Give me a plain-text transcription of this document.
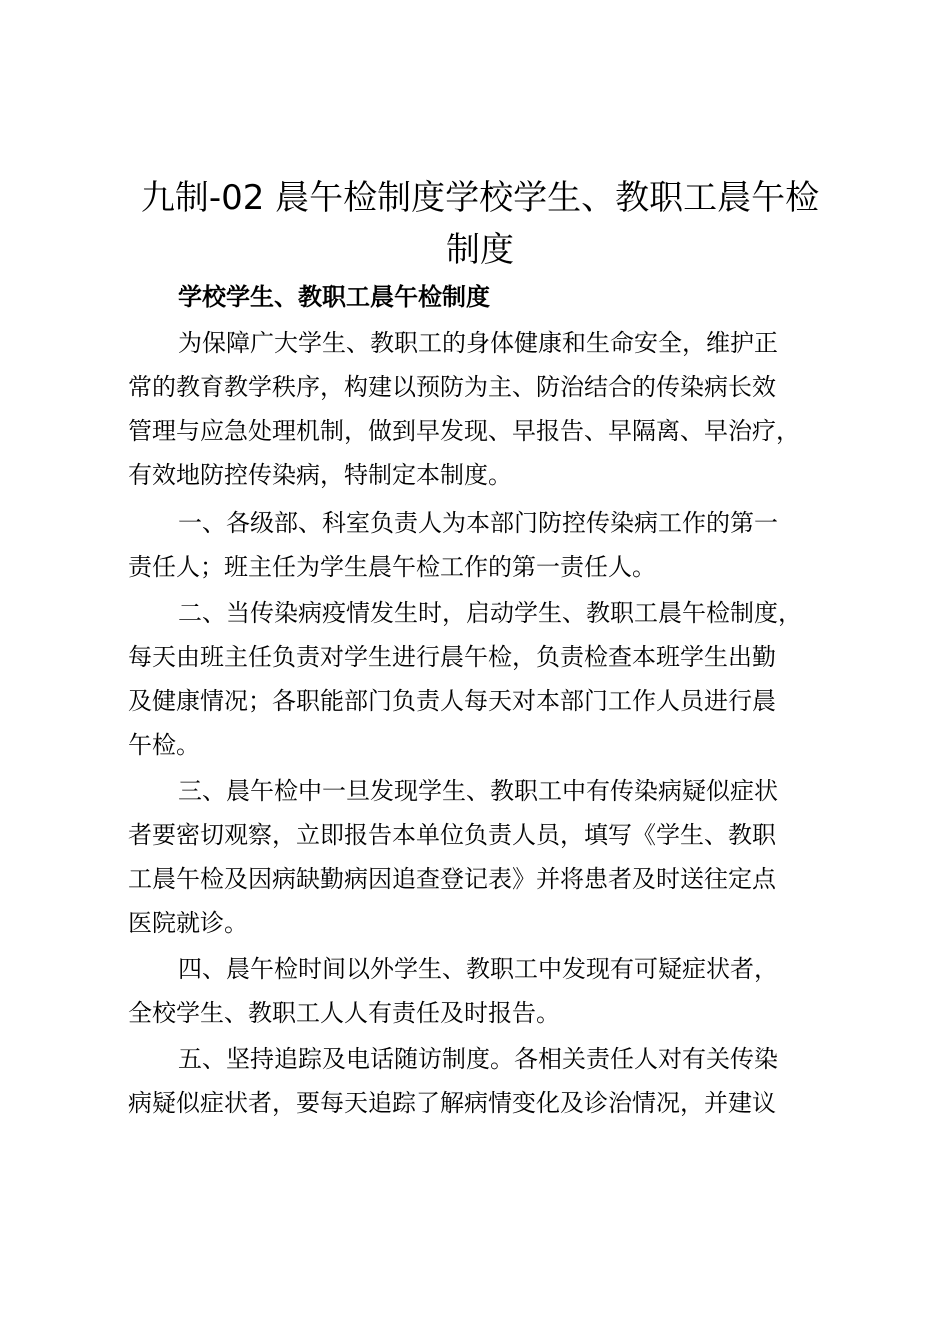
九制-02 晨午检制度学校学生、教职工晨午检
制度

学校学生、教职工晨午检制度

为保障广大学生、教职工的身体健康和生命安全，维护正

常的教育教学秩序，构建以预防为主、防治结合的传染病长效

管理与应急处理机制，做到早发现、早报告、早隔离、早治疗，

有效地防控传染病，特制定本制度。

一、各级部、科室负责人为本部门防控传染病工作的第一

责任人；班主任为学生晨午检工作的第一责任人。

二、当传染病疫情发生时，启动学生、教职工晨午检制度，

每天由班主任负责对学生进行晨午检，负责检查本班学生出勤

及健康情况；各职能部门负责人每天对本部门工作人员进行晨

午检。

三、晨午检中一旦发现学生、教职工中有传染病疑似症状

者要密切观察，立即报告本单位负责人员，填写《学生、教职

工晨午检及因病缺勤病因追查登记表》并将患者及时送往定点

医院就诊。

四、晨午检时间以外学生、教职工中发现有可疑症状者，

全校学生、教职工人人有责任及时报告。

五、坚持追踪及电话随访制度。各相关责任人对有关传染

病疑似症状者，要每天追踪了解病情变化及诊治情况，并建议
